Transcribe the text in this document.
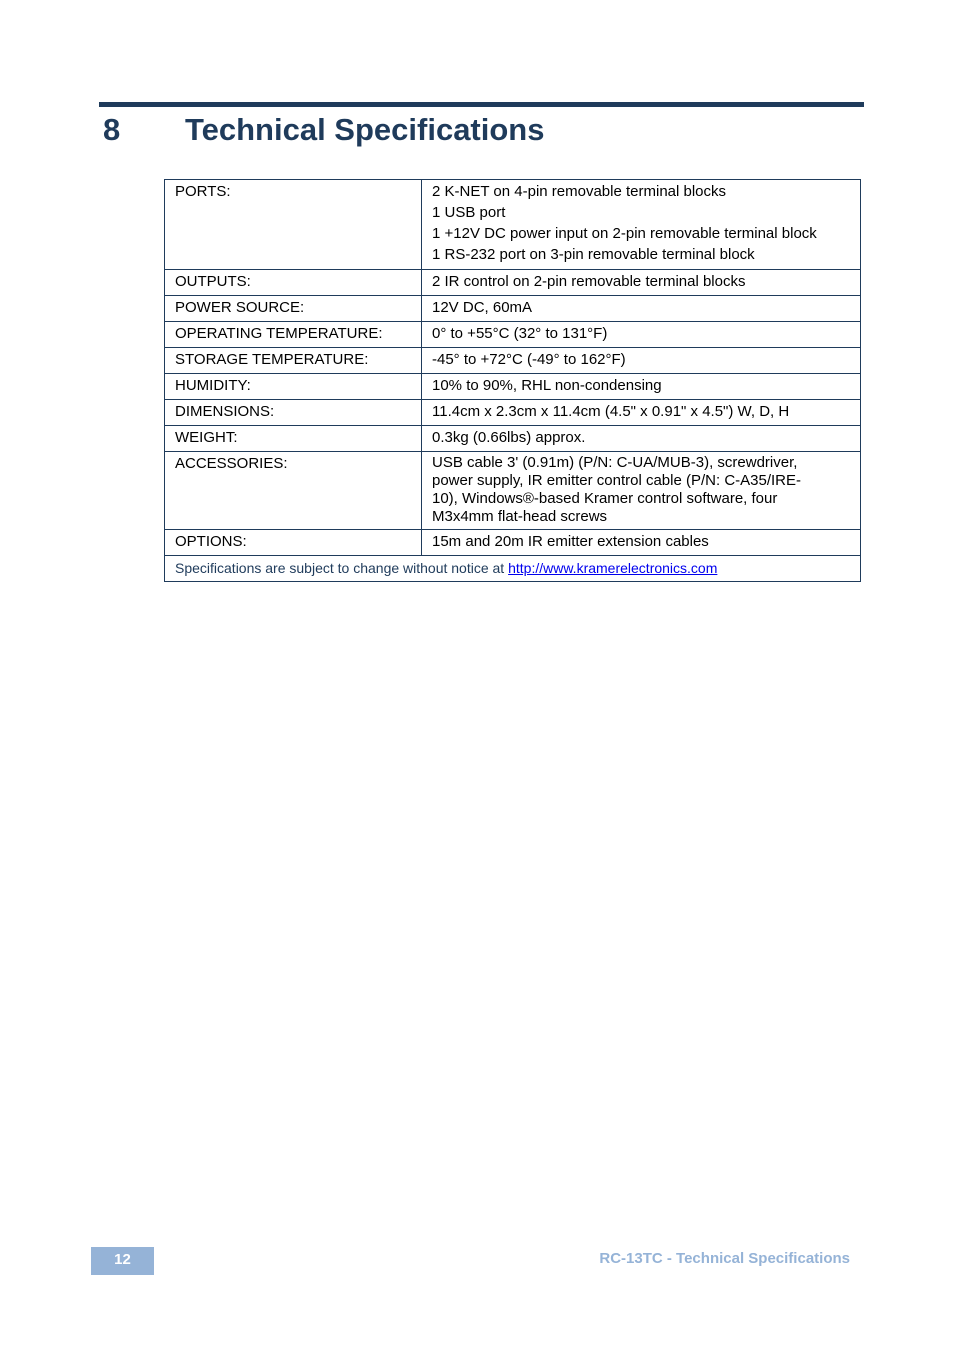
8 Technical Specifications
PORTS:	2 K-NET on 4-pin removable terminal blocks
1 USB port
1 +12V DC power input on 2-pin removable terminal block
1 RS-232 port on 3-pin removable terminal block

OUTPUTS:	2 IR control on 2-pin removable terminal blocks
POWER SOURCE:	12V DC, 60mA
OPERATING TEMPERATURE:	0° to +55°C (32° to 131°F)
STORAGE TEMPERATURE:	-45° to +72°C (-49° to 162°F)
HUMIDITY:	10% to 90%, RHL non-condensing
DIMENSIONS:	11.4cm x 2.3cm x 11.4cm (4.5" x 0.91" x 4.5") W, D, H
WEIGHT:	0.3kg (0.66lbs) approx.
ACCESSORIES:	USB cable 3' (0.91m) (P/N: C-UA/MUB-3), screwdriver,
power supply, IR emitter control cable (P/N: C-A35/IRE-
10), Windows®-based Kramer control software, four
M3x4mm flat-head screws

OPTIONS:	15m and 20m IR emitter extension cables
Specifications are subject to change without notice at http://www.kramerelectronics.com	
12	RC-13TC - Technical Specifications
